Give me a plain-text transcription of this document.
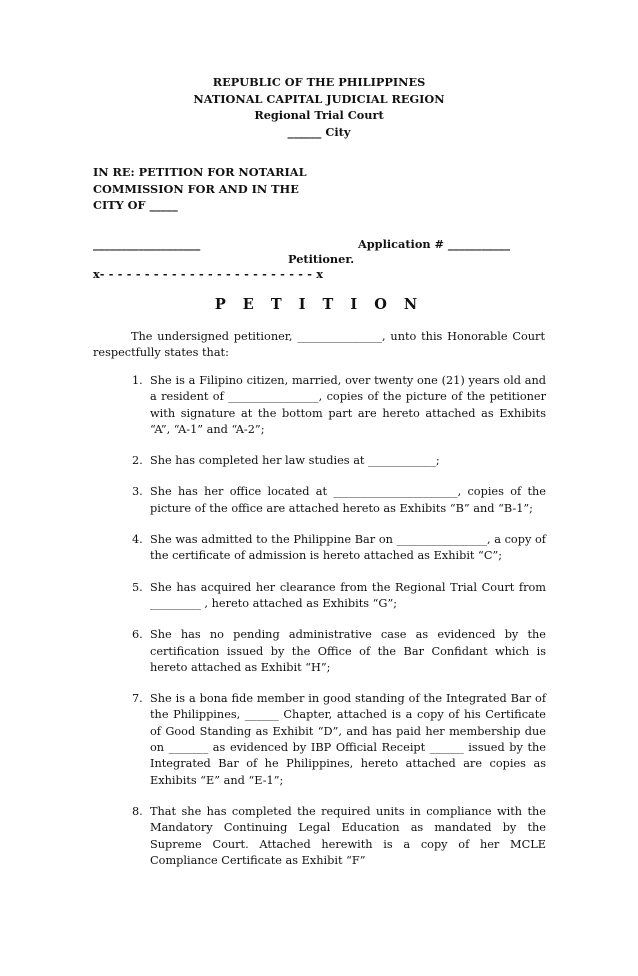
REPUBLIC OF THE PHILIPPINES
NATIONAL CAPITAL JUDICIAL REGION
Regional Trial Court
______ City
IN RE: PETITION FOR NOTARIAL
COMMISSION FOR AND IN THE
CITY OF _____
___________________	Application # ___________
Petitioner.
x- - - - - - - - - - - - - - - - - - - - - - - - x
P E T I T I O N
The undersigned petitioner, _______________, unto this Honorable Court respectfully states that:
1. She is a Filipino citizen, married, over twenty one (21) years old and a resident of ________________, copies of the picture of the petitioner with signature at the bottom part are hereto attached as Exhibits “A”, “A-1” and “A-2”;
2. She has completed her law studies at ____________;
3. She has her office located at ______________________, copies of the picture of the office are attached hereto as Exhibits “B” and “B-1”;
4. She was admitted to the Philippine Bar on ________________, a copy of the certificate of admission is hereto attached as Exhibit “C”;
5. She has acquired her clearance from the Regional Trial Court from _________ , hereto attached as Exhibits “G”;
6. She has no pending administrative case as evidenced by the certification issued by the Office of the Bar Confidant which is hereto attached as Exhibit “H”;
7. She is a bona fide member in good standing of the Integrated Bar of the Philippines, ______ Chapter, attached is a copy of his Certificate of Good Standing as Exhibit “D”, and has paid her membership due on _______ as evidenced by IBP Official Receipt ______ issued by the Integrated Bar of he Philippines, hereto attached are copies as Exhibits “E” and “E-1”;
8. That she has completed the required units in compliance with the Mandatory Continuing Legal Education as mandated by the Supreme Court. Attached herewith is a copy of her MCLE Compliance Certificate as Exhibit “F”
